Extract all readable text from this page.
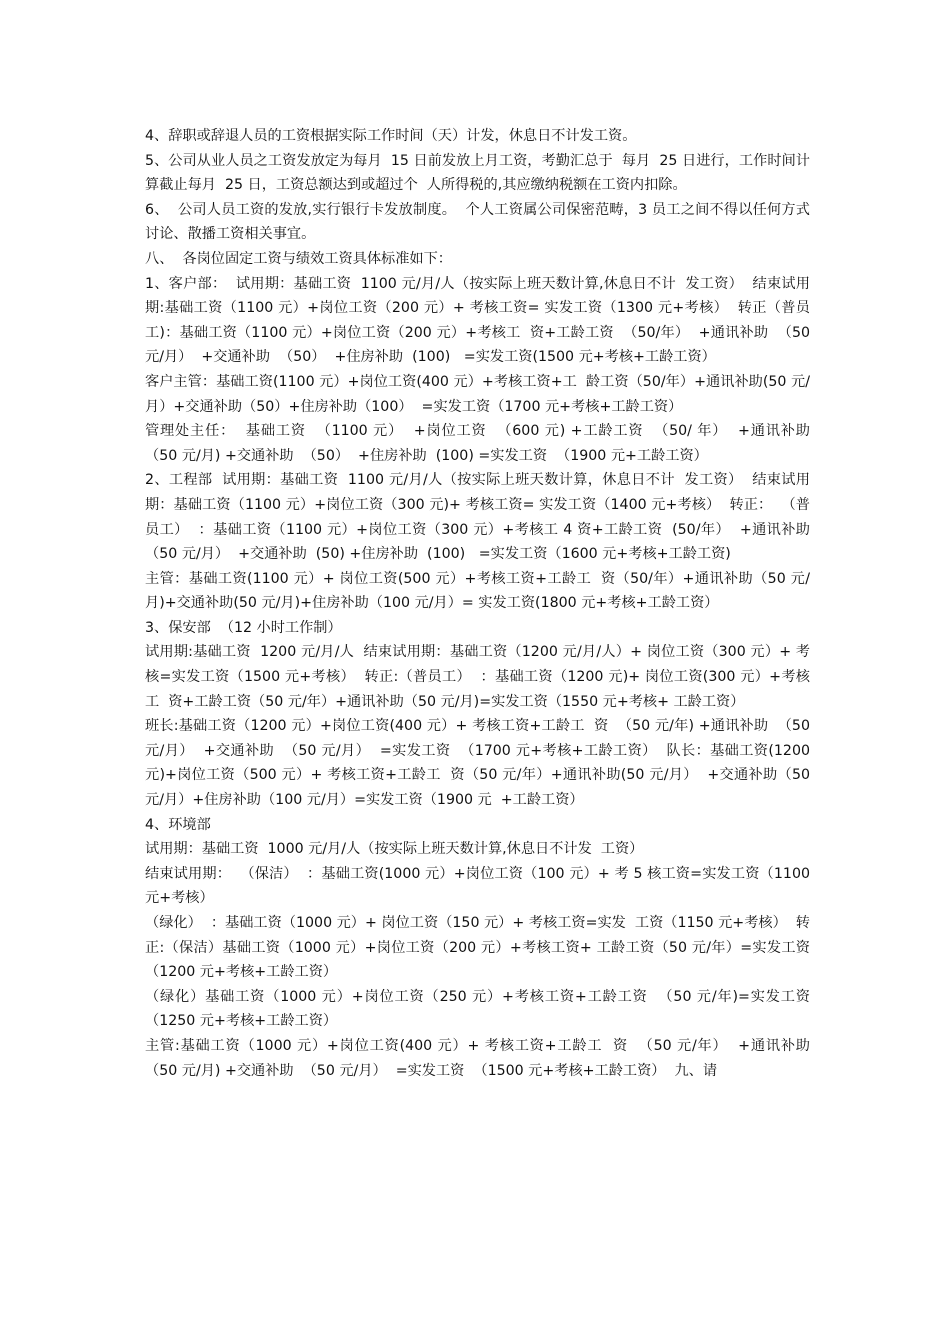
4、辞职或辞退人员的工资根据实际工作时间（天）计发，休息日不计发工资。

5、公司从业人员之工资发放定为每月  15 日前发放上月工资，考勤汇总于  每月  25 日进行，工作时间计算截止每月  25 日，工资总额达到或超过个  人所得税的,其应缴纳税额在工资内扣除。

6、  公司人员工资的发放,实行银行卡发放制度。  个人工资属公司保密范畴，3 员工之间不得以任何方式讨论、散播工资相关事宜。

八、  各岗位固定工资与绩效工资具体标准如下：

1、客户部：  试用期：基础工资  1100 元/月/人（按实际上班天数计算,休息日不计  发工资）  结束试用期:基础工资（1100 元）+岗位工资（200 元）+ 考核工资= 实发工资（1300 元+考核）  转正（普员工)：基础工资（1100 元）+岗位工资（200 元）+考核工  资+工龄工资  （50/年）  +通讯补助  （50 元/月）  +交通补助  （50）  +住房补助  (100)   =实发工资(1500 元+考核+工龄工资）

客户主管：基础工资(1100 元）+岗位工资(400 元）+考核工资+工  龄工资（50/年）+通讯补助(50 元/月）+交通补助（50）+住房补助（100）  =实发工资（1700 元+考核+工龄工资）

管理处主任：  基础工资  （1100 元）  +岗位工资  （600 元) +工龄工资  （50/ 年）  +通讯补助  （50 元/月) +交通补助  （50）  +住房补助  (100) =实发工资  （1900 元+工龄工资）

2、工程部  试用期：基础工资  1100 元/月/人（按实际上班天数计算，休息日不计  发工资）  结束试用期：基础工资（1100 元）+岗位工资（300 元)+ 考核工资= 实发工资（1400 元+考核）  转正：  （普员工）  ：基础工资（1100 元）+岗位工资（300 元）+考核工 4 资+工龄工资  (50/年）  +通讯补助  （50 元/月）  +交通补助  (50) +住房补助  (100)   =实发工资（1600 元+考核+工龄工资)

主管：基础工资(1100 元）+ 岗位工资(500 元）+考核工资+工龄工  资（50/年）+通讯补助（50 元/月)+交通补助(50 元/月)+住房补助（100 元/月）= 实发工资(1800 元+考核+工龄工资）

3、保安部  （12 小时工作制）

试用期:基础工资  1200 元/月/人  结束试用期：基础工资（1200 元/月/人）+ 岗位工资（300 元）+ 考  核=实发工资（1500 元+考核）  转正:（普员工）  ：基础工资（1200 元)+ 岗位工资(300 元）+考核工  资+工龄工资（50 元/年）+通讯补助（50 元/月)=实发工资（1550 元+考核+ 工龄工资）

班长:基础工资（1200 元）+岗位工资(400 元）+ 考核工资+工龄工  资  （50 元/年) +通讯补助  （50 元/月）  +交通补助  （50 元/月）  =实发工资  （1700 元+考核+工龄工资）  队长：基础工资(1200 元)+岗位工资（500 元）+ 考核工资+工龄工  资（50 元/年）+通讯补助(50 元/月）  +交通补助（50 元/月）+住房补助（100 元/月）=实发工资（1900 元  +工龄工资）

4、环境部

试用期：基础工资  1000 元/月/人（按实际上班天数计算,休息日不计发  工资）

结束试用期：  （保洁）  ：基础工资(1000 元）+岗位工资（100 元）+ 考 5 核工资=实发工资（1100 元+考核）

（绿化）  ：基础工资（1000 元）+ 岗位工资（150 元）+ 考核工资=实发  工资（1150 元+考核）  转正:（保洁）基础工资（1000 元）+岗位工资（200 元）+考核工资+ 工龄工资（50 元/年）=实发工资（1200 元+考核+工龄工资）

（绿化）基础工资（1000 元）+岗位工资（250 元）+考核工资+工龄工资  （50 元/年)=实发工资（1250 元+考核+工龄工资）

主管:基础工资（1000 元）+岗位工资(400 元）+ 考核工资+工龄工  资  （50 元/年）  +通讯补助  （50 元/月) +交通补助  （50 元/月）  =实发工资  （1500 元+考核+工龄工资）  九、请
